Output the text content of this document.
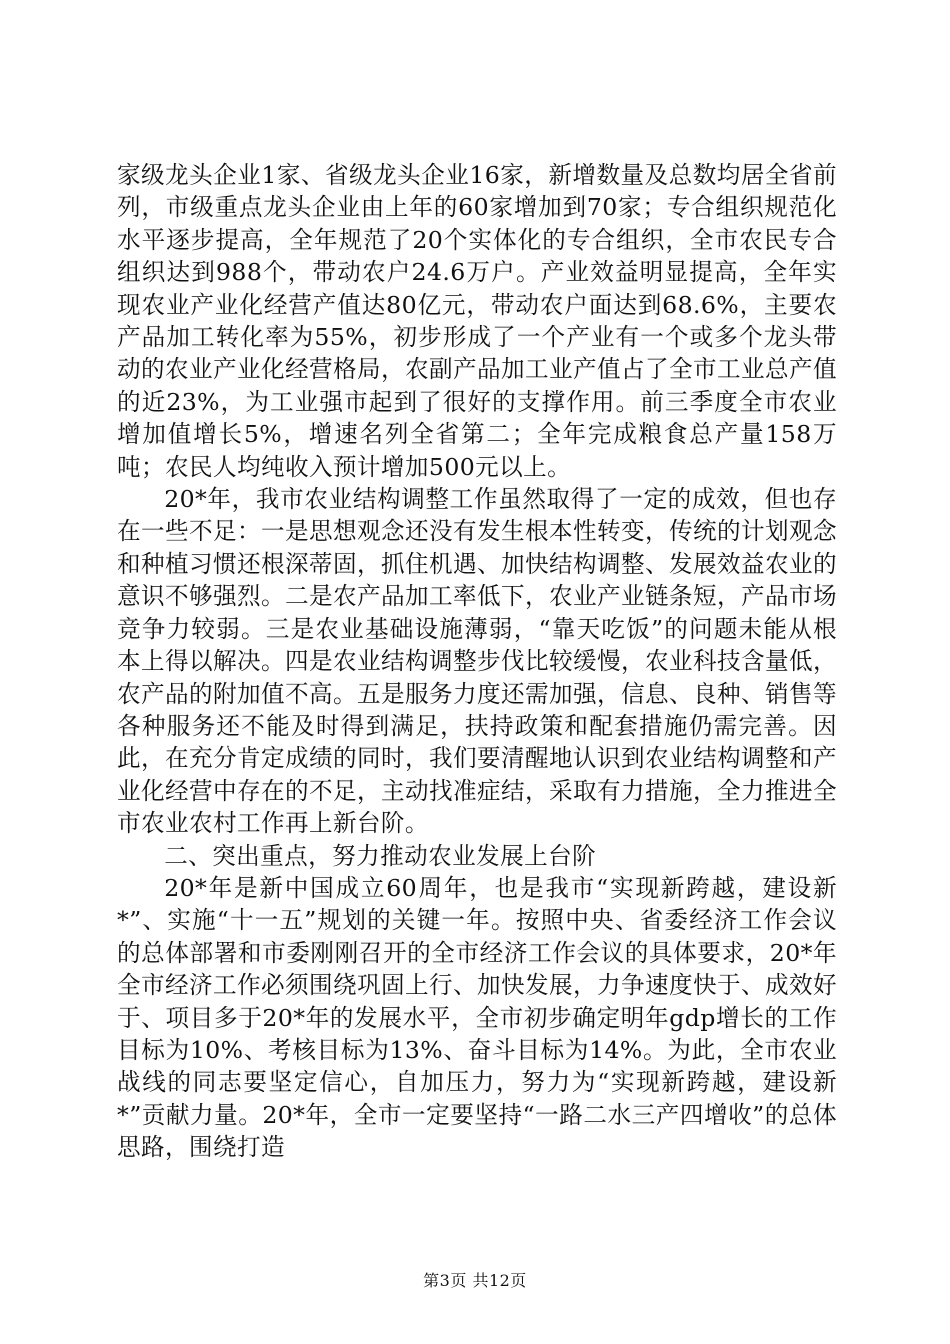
家级龙头企业1家、省级龙头企业16家，新增数量及总数均居全省前列，市级重点龙头企业由上年的60家增加到70家；专合组织规范化水平逐步提高，全年规范了20个实体化的专合组织，全市农民专合组织达到988个，带动农户24.6万户。产业效益明显提高，全年实现农业产业化经营产值达80亿元，带动农户面达到68.6%，主要农产品加工转化率为55%，初步形成了一个产业有一个或多个龙头带动的农业产业化经营格局，农副产品加工业产值占了全市工业总产值的近23%，为工业强市起到了很好的支撑作用。前三季度全市农业增加值增长5%，增速名列全省第二；全年完成粮食总产量158万吨；农民人均纯收入预计增加500元以上。

20*年，我市农业结构调整工作虽然取得了一定的成效，但也存在一些不足：一是思想观念还没有发生根本性转变，传统的计划观念和种植习惯还根深蒂固，抓住机遇、加快结构调整、发展效益农业的意识不够强烈。二是农产品加工率低下，农业产业链条短，产品市场竞争力较弱。三是农业基础设施薄弱，“靠天吃饭”的问题未能从根本上得以解决。四是农业结构调整步伐比较缓慢，农业科技含量低，农产品的附加值不高。五是服务力度还需加强，信息、良种、销售等各种服务还不能及时得到满足，扶持政策和配套措施仍需完善。因此，在充分肯定成绩的同时，我们要清醒地认识到农业结构调整和产业化经营中存在的不足，主动找准症结，采取有力措施，全力推进全市农业农村工作再上新台阶。

二、突出重点，努力推动农业发展上台阶

20*年是新中国成立60周年，也是我市“实现新跨越，建设新*”、实施“十一五”规划的关键一年。按照中央、省委经济工作会议的总体部署和市委刚刚召开的全市经济工作会议的具体要求，20*年全市经济工作必须围绕巩固上行、加快发展，力争速度快于、成效好于、项目多于20*年的发展水平，全市初步确定明年gdp增长的工作目标为10%、考核目标为13%、奋斗目标为14%。为此，全市农业战线的同志要坚定信心，自加压力，努力为“实现新跨越，建设新*”贡献力量。20*年，全市一定要坚持“一路二水三产四增收”的总体思路，围绕打造

第3页 共12页
